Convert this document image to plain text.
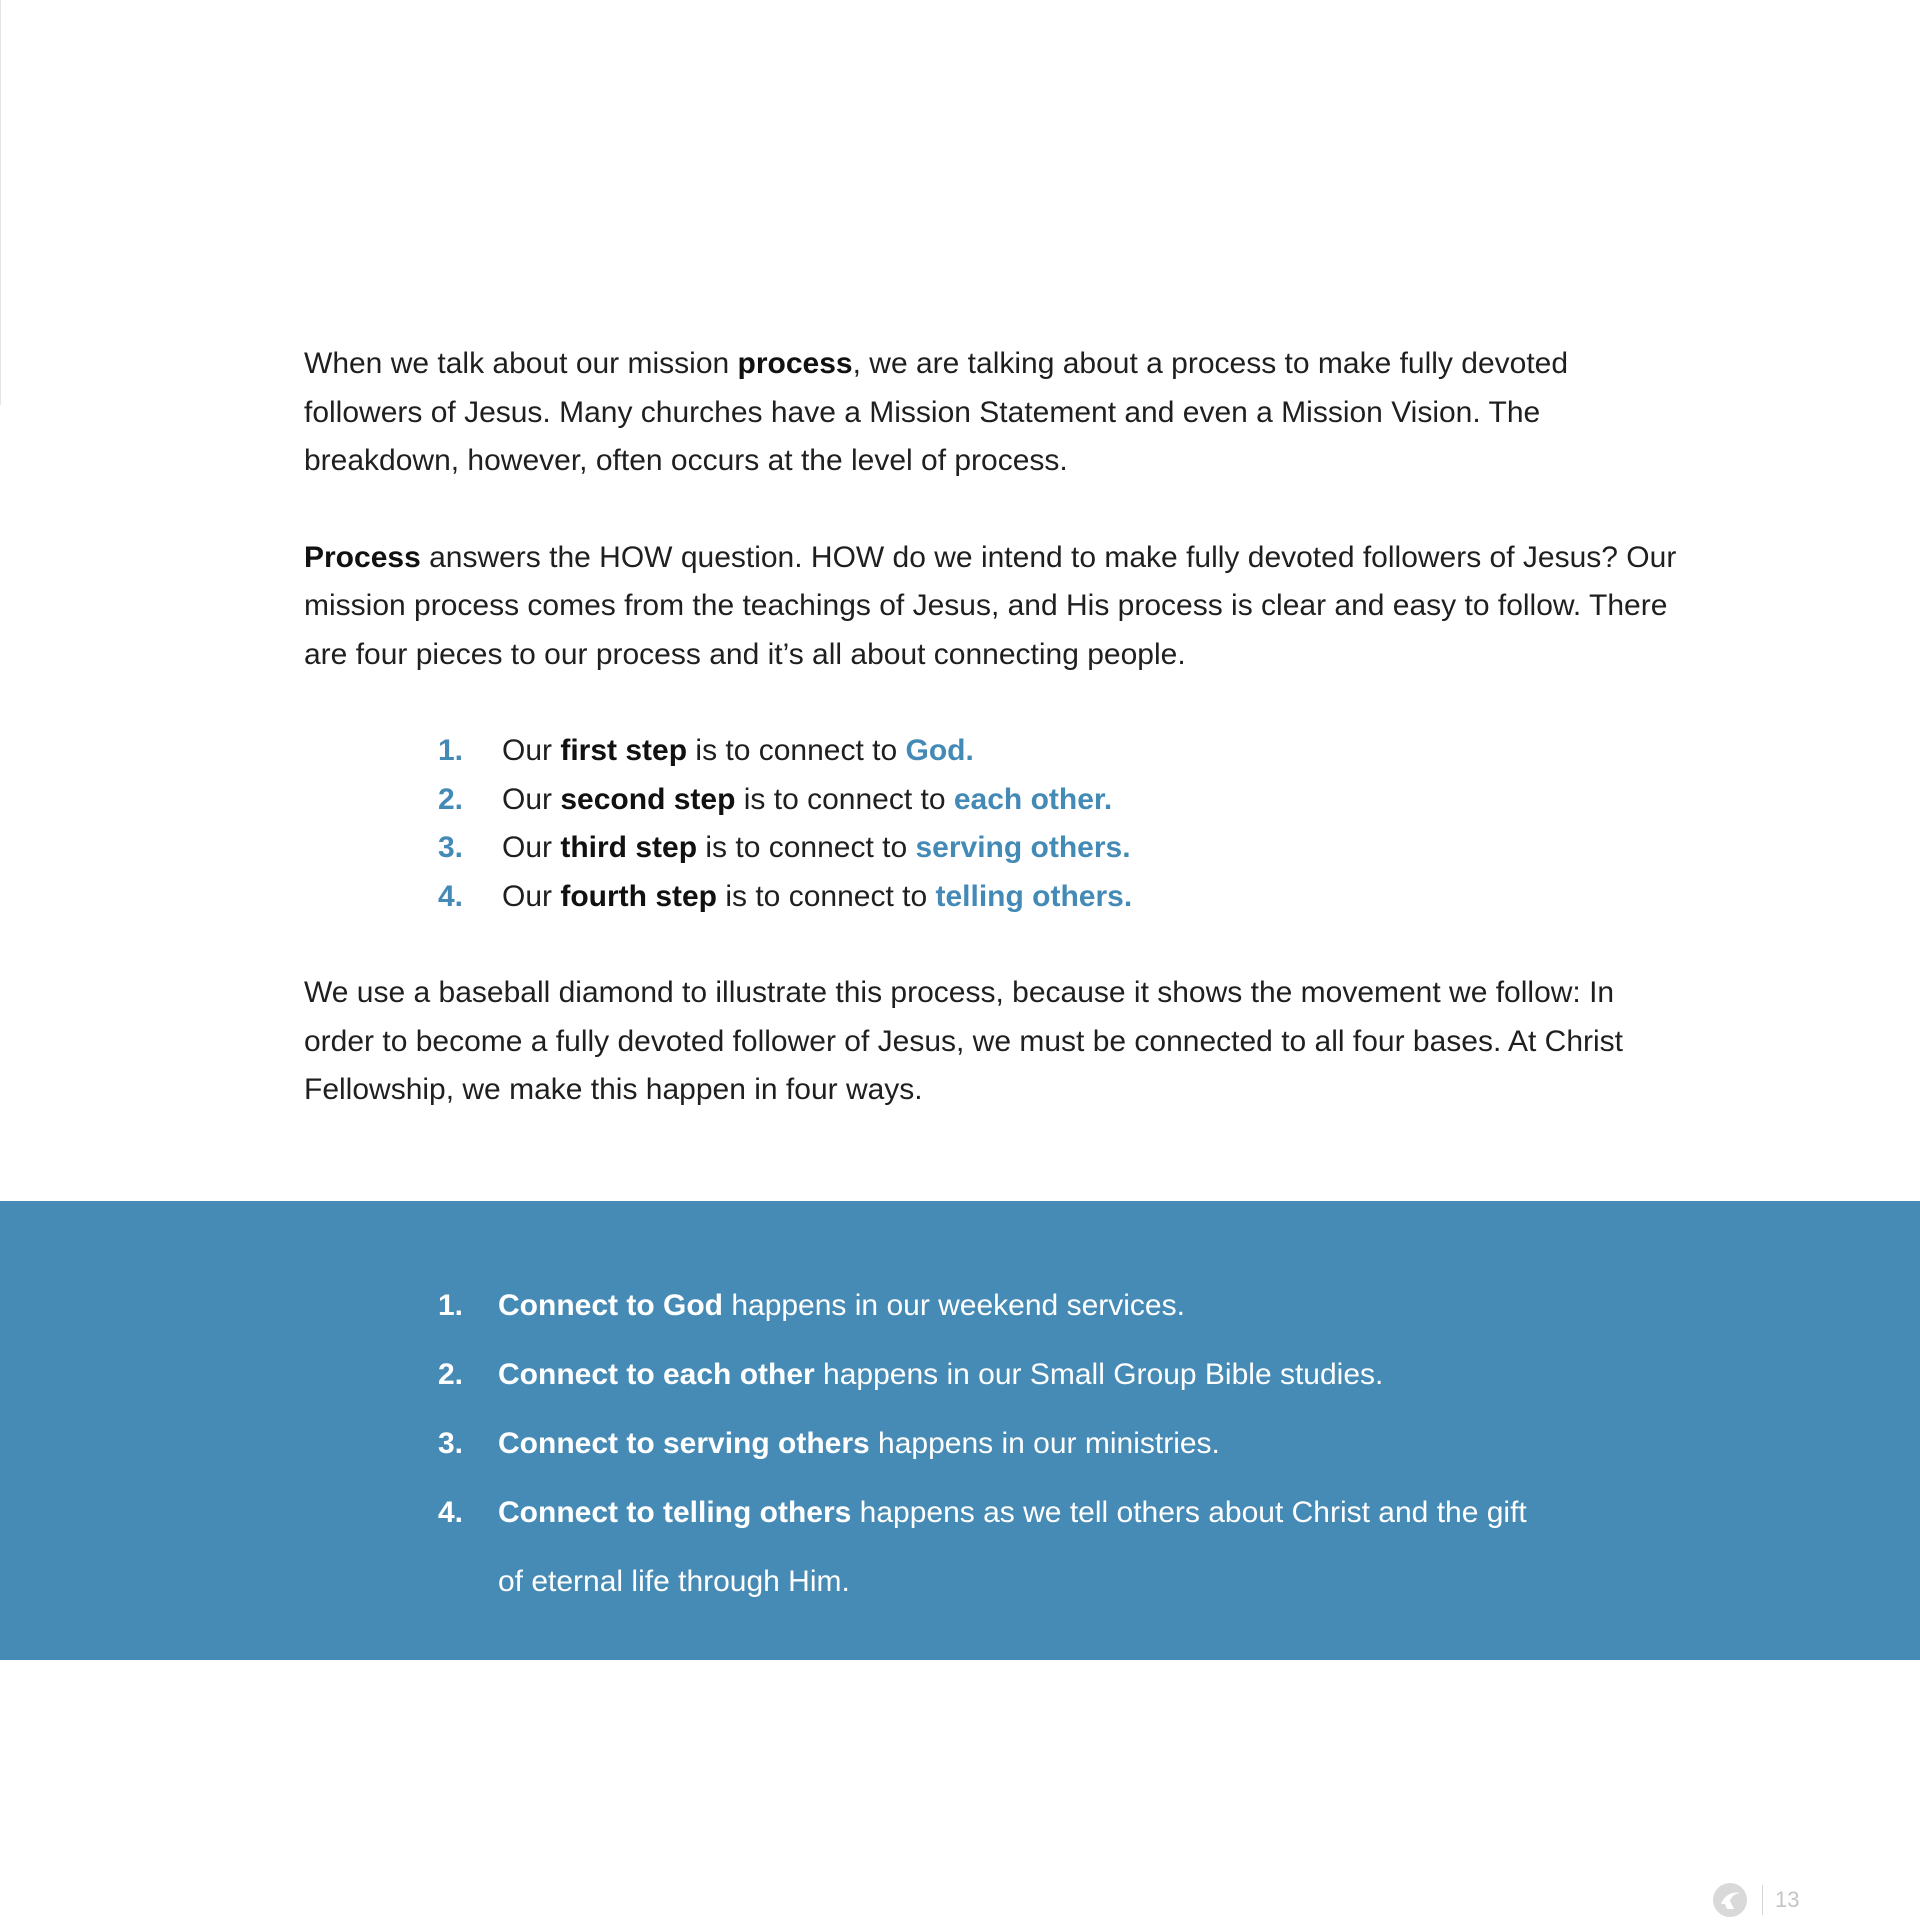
When we talk about our mission process, we are talking about a process to make fully devoted followers of Jesus. Many churches have a Mission Statement and even a Mission Vision. The breakdown, however, often occurs at the level of process.

Process answers the HOW question. HOW do we intend to make fully devoted followers of Jesus? Our mission process comes from the teachings of Jesus, and His process is clear and easy to follow. There are four pieces to our process and it’s all about connecting people.

1.	Our first step is to connect to God.
2.	Our second step is to connect to each other.
3.	Our third step is to connect to serving others.
4.	Our fourth step is to connect to telling others.

We use a baseball diamond to illustrate this process, because it shows the movement we follow: In order to become a fully devoted follower of Jesus, we must be connected to all four bases. At Christ Fellowship, we make this happen in four ways.

1.	Connect to God happens in our weekend services.
2.	Connect to each other happens in our Small Group Bible studies.
3.	Connect to serving others happens in our ministries.
4.	Connect to telling others happens as we tell others about Christ and the gift of eternal life through Him.
13
